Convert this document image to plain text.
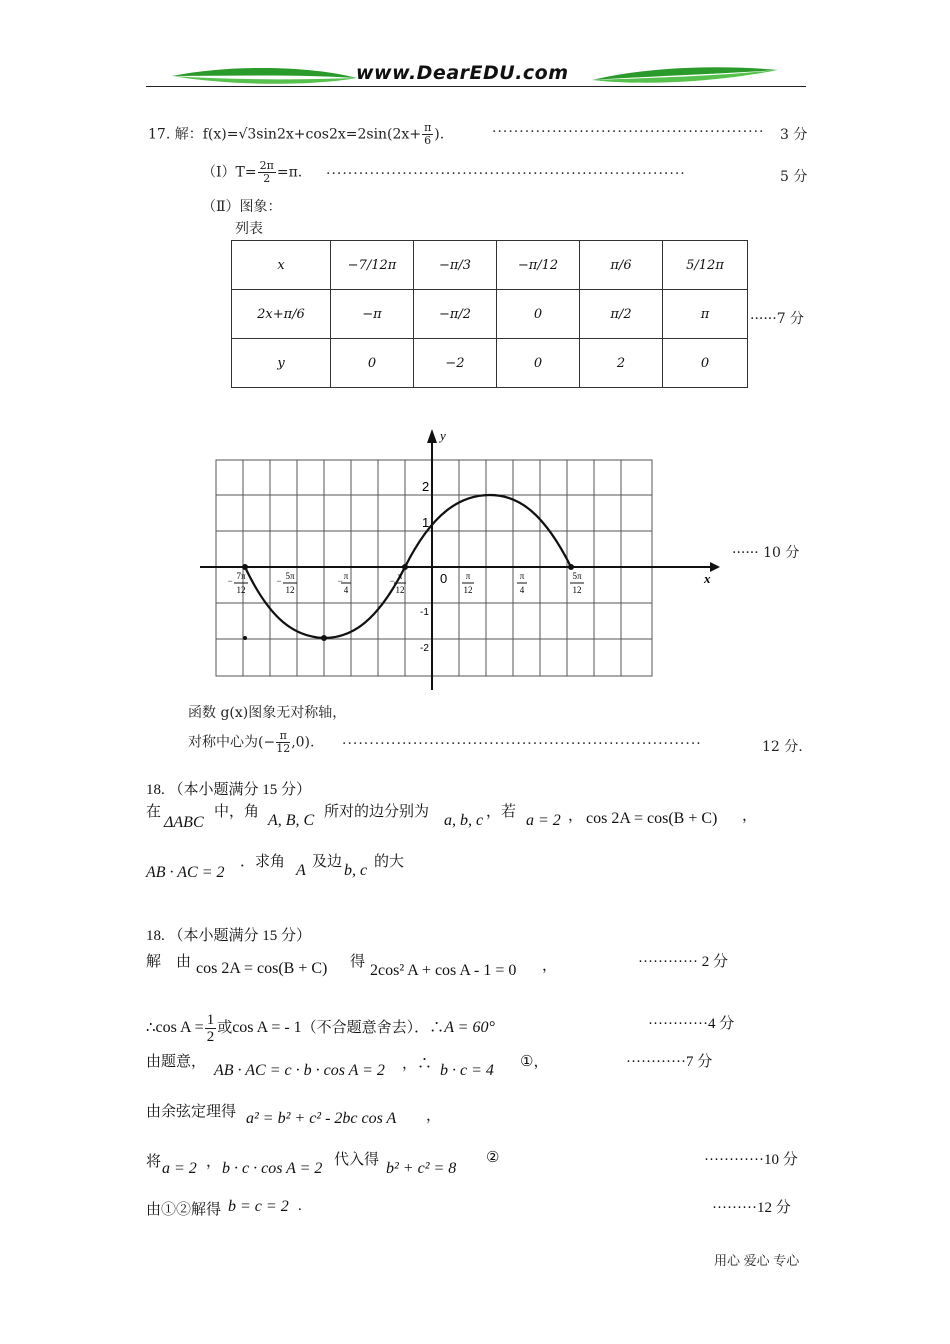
www.DearEDU.com
17. 解：$f(x)=√3\sin 2x+\cos 2x=2\sin(2x+ \frac{\pi}{6}$ ).	·················································· 3 分
（Ⅰ）T= $\frac{2\pi}{2} =\pi$. ··································································	5 分
（Ⅱ）图象：
列表
x	−7/12π	−π/3	−π/12	π/6	5/12π
2x+π/6	−π	−π/2	0	π/2	π
y	0	−2	0	2	0
······7 分
y
x
0
2
1
-1
-2
− 7π
12
− 5π
12
− π
4
− π
12
π
12
π
4
5π
12
······ 10 分
函数 g(x)图象无对称轴，
对称中心为(− $\frac{\pi}{12} ,0$). ··································································	12 分.
18. （本小题满分 15 分）
在
ΔABC
中，角 A, B, C 所对的边分别为 a, b, c ，若 a = 2 ， cos 2A = cos(B + C) ，
AB · AC = 2
．求角 A 及边 b, c 的大
18. （本小题满分 15 分）
解　由 cos 2A = cos(B + C) 得 2cos² A + cos A - 1 = 0 ，	············ 2 分
∴cos $A = \frac{1}{2}$ 或cos A = - 1（不合题意舍去）．∴A = 60°	············4 分
由题意， AB · AC = c · b · cos A = 2 ，∴ b · c = 4 ①，	············7 分
由余弦定理得 a² = b² + c² - 2bc cos A ，
将 a = 2 ， b · c · cos A = 2 代入得 b² + c² = 8
②	············10 分
由①②解得 b = c = 2 .	·········12 分
用心 爱心 专心
